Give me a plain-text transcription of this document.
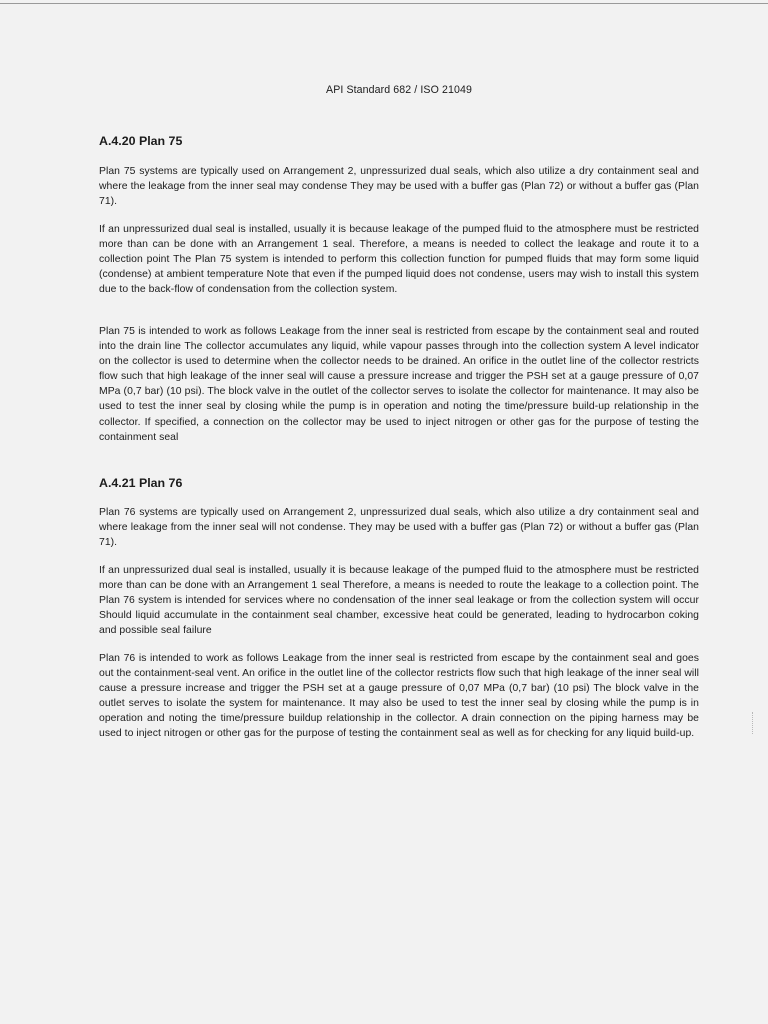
API Standard 682 / ISO 21049
A.4.20 Plan 75

Plan 75 systems are typically used on Arrangement 2, unpressurized dual seals, which also utilize a dry containment seal and where the leakage from the inner seal may condense They may be used with a buffer gas (Plan 72) or without a buffer gas (Plan 71).

If an unpressurized dual seal is installed, usually it is because leakage of the pumped fluid to the atmosphere must be restricted more than can be done with an Arrangement 1 seal. Therefore, a means is needed to collect the leakage and route it to a collection point The Plan 75 system is intended to perform this collection function for pumped fluids that may form some liquid (condense) at ambient temperature Note that even if the pumped liquid does not condense, users may wish to install this system due to the back-flow of condensation from the collection system.

Plan 75 is intended to work as follows Leakage from the inner seal is restricted from escape by the containment seal and routed into the drain line The collector accumulates any liquid, while vapour passes through into the collection system A level indicator on the collector is used to determine when the collector needs to be drained. An orifice in the outlet line of the collector restricts flow such that high leakage of the inner seal will cause a pressure increase and trigger the PSH set at a gauge pressure of 0,07 MPa (0,7 bar) (10 psi). The block valve in the outlet of the collector serves to isolate the collector for maintenance. It may also be used to test the inner seal by closing while the pump is in operation and noting the time/pressure build-up relationship in the collector. If specified, a connection on the collector may be used to inject nitrogen or other gas for the purpose of testing the containment seal

A.4.21 Plan 76

Plan 76 systems are typically used on Arrangement 2, unpressurized dual seals, which also utilize a dry containment seal and where leakage from the inner seal will not condense. They may be used with a buffer gas (Plan 72) or without a buffer gas (Plan 71).

If an unpressurized dual seal is installed, usually it is because leakage of the pumped fluid to the atmosphere must be restricted more than can be done with an Arrangement 1 seal Therefore, a means is needed to route the leakage to a collection point. The Plan 76 system is intended for services where no condensation of the inner seal leakage or from the collection system will occur Should liquid accumulate in the containment seal chamber, excessive heat could be generated, leading to hydrocarbon coking and possible seal failure

Plan 76 is intended to work as follows Leakage from the inner seal is restricted from escape by the containment seal and goes out the containment-seal vent. An orifice in the outlet line of the collector restricts flow such that high leakage of the inner seal will cause a pressure increase and trigger the PSH set at a gauge pressure of 0,07 MPa (0,7 bar) (10 psi) The block valve in the outlet serves to isolate the system for maintenance. It may also be used to test the inner seal by closing while the pump is in operation and noting the time/pressure buildup relationship in the collector. A drain connection on the piping harness may be used to inject nitrogen or other gas for the purpose of testing the containment seal as well as for checking for any liquid build-up.
